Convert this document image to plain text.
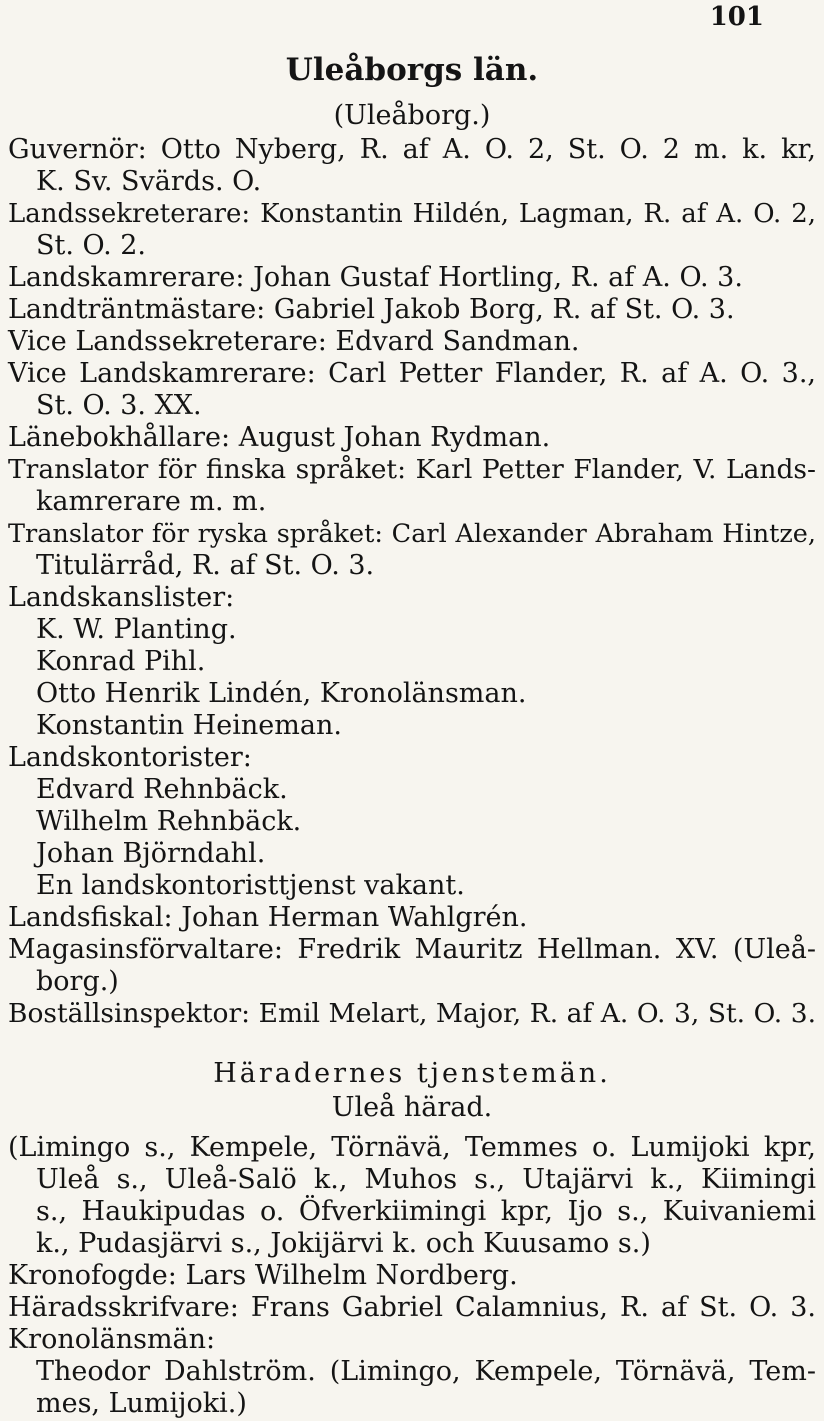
101
Uleåborgs län.
(Uleåborg.)
Guvernör: Otto Nyberg, R. af A. O. 2, St. O. 2 m. k. kr,
K. Sv. Svärds. O.
Landssekreterare: Konstantin Hildén, Lagman, R. af A. O. 2,
St. O. 2.
Landskamrerare: Johan Gustaf Hortling, R. af A. O. 3.
Landträntmästare: Gabriel Jakob Borg, R. af St. O. 3.
Vice Landssekreterare: Edvard Sandman.
Vice Landskamrerare: Carl Petter Flander, R. af A. O. 3.,
St. O. 3. XX.
Länebokhållare: August Johan Rydman.
Translator för finska språket: Karl Petter Flander, V. Lands-
kamrerare m. m.
Translator för ryska språket: Carl Alexander Abraham Hintze,
Titulärråd, R. af St. O. 3.
Landskanslister:
K. W. Planting.
Konrad Pihl.
Otto Henrik Lindén, Kronolänsman.
Konstantin Heineman.
Landskontorister:
Edvard Rehnbäck.
Wilhelm Rehnbäck.
Johan Björndahl.
En landskontoristtjenst vakant.
Landsfiskal: Johan Herman Wahlgrén.
Magasinsförvaltare: Fredrik Mauritz Hellman. XV. (Uleå-
borg.)
Boställsinspektor: Emil Melart, Major, R. af A. O. 3, St. O. 3.
Häradernes tjenstemän.
Uleå härad.
(Limingo s., Kempele, Törnävä, Temmes o. Lumijoki kpr,
Uleå s., Uleå-Salö k., Muhos s., Utajärvi k., Kiimingi
s., Haukipudas o. Öfverkiimingi kpr, Ijo s., Kuivaniemi
k., Pudasjärvi s., Jokijärvi k. och Kuusamo s.)
Kronofogde: Lars Wilhelm Nordberg.
Häradsskrifvare: Frans Gabriel Calamnius, R. af St. O. 3.
Kronolänsmän:
Theodor Dahlström. (Limingo, Kempele, Törnävä, Tem-
mes, Lumijoki.)
